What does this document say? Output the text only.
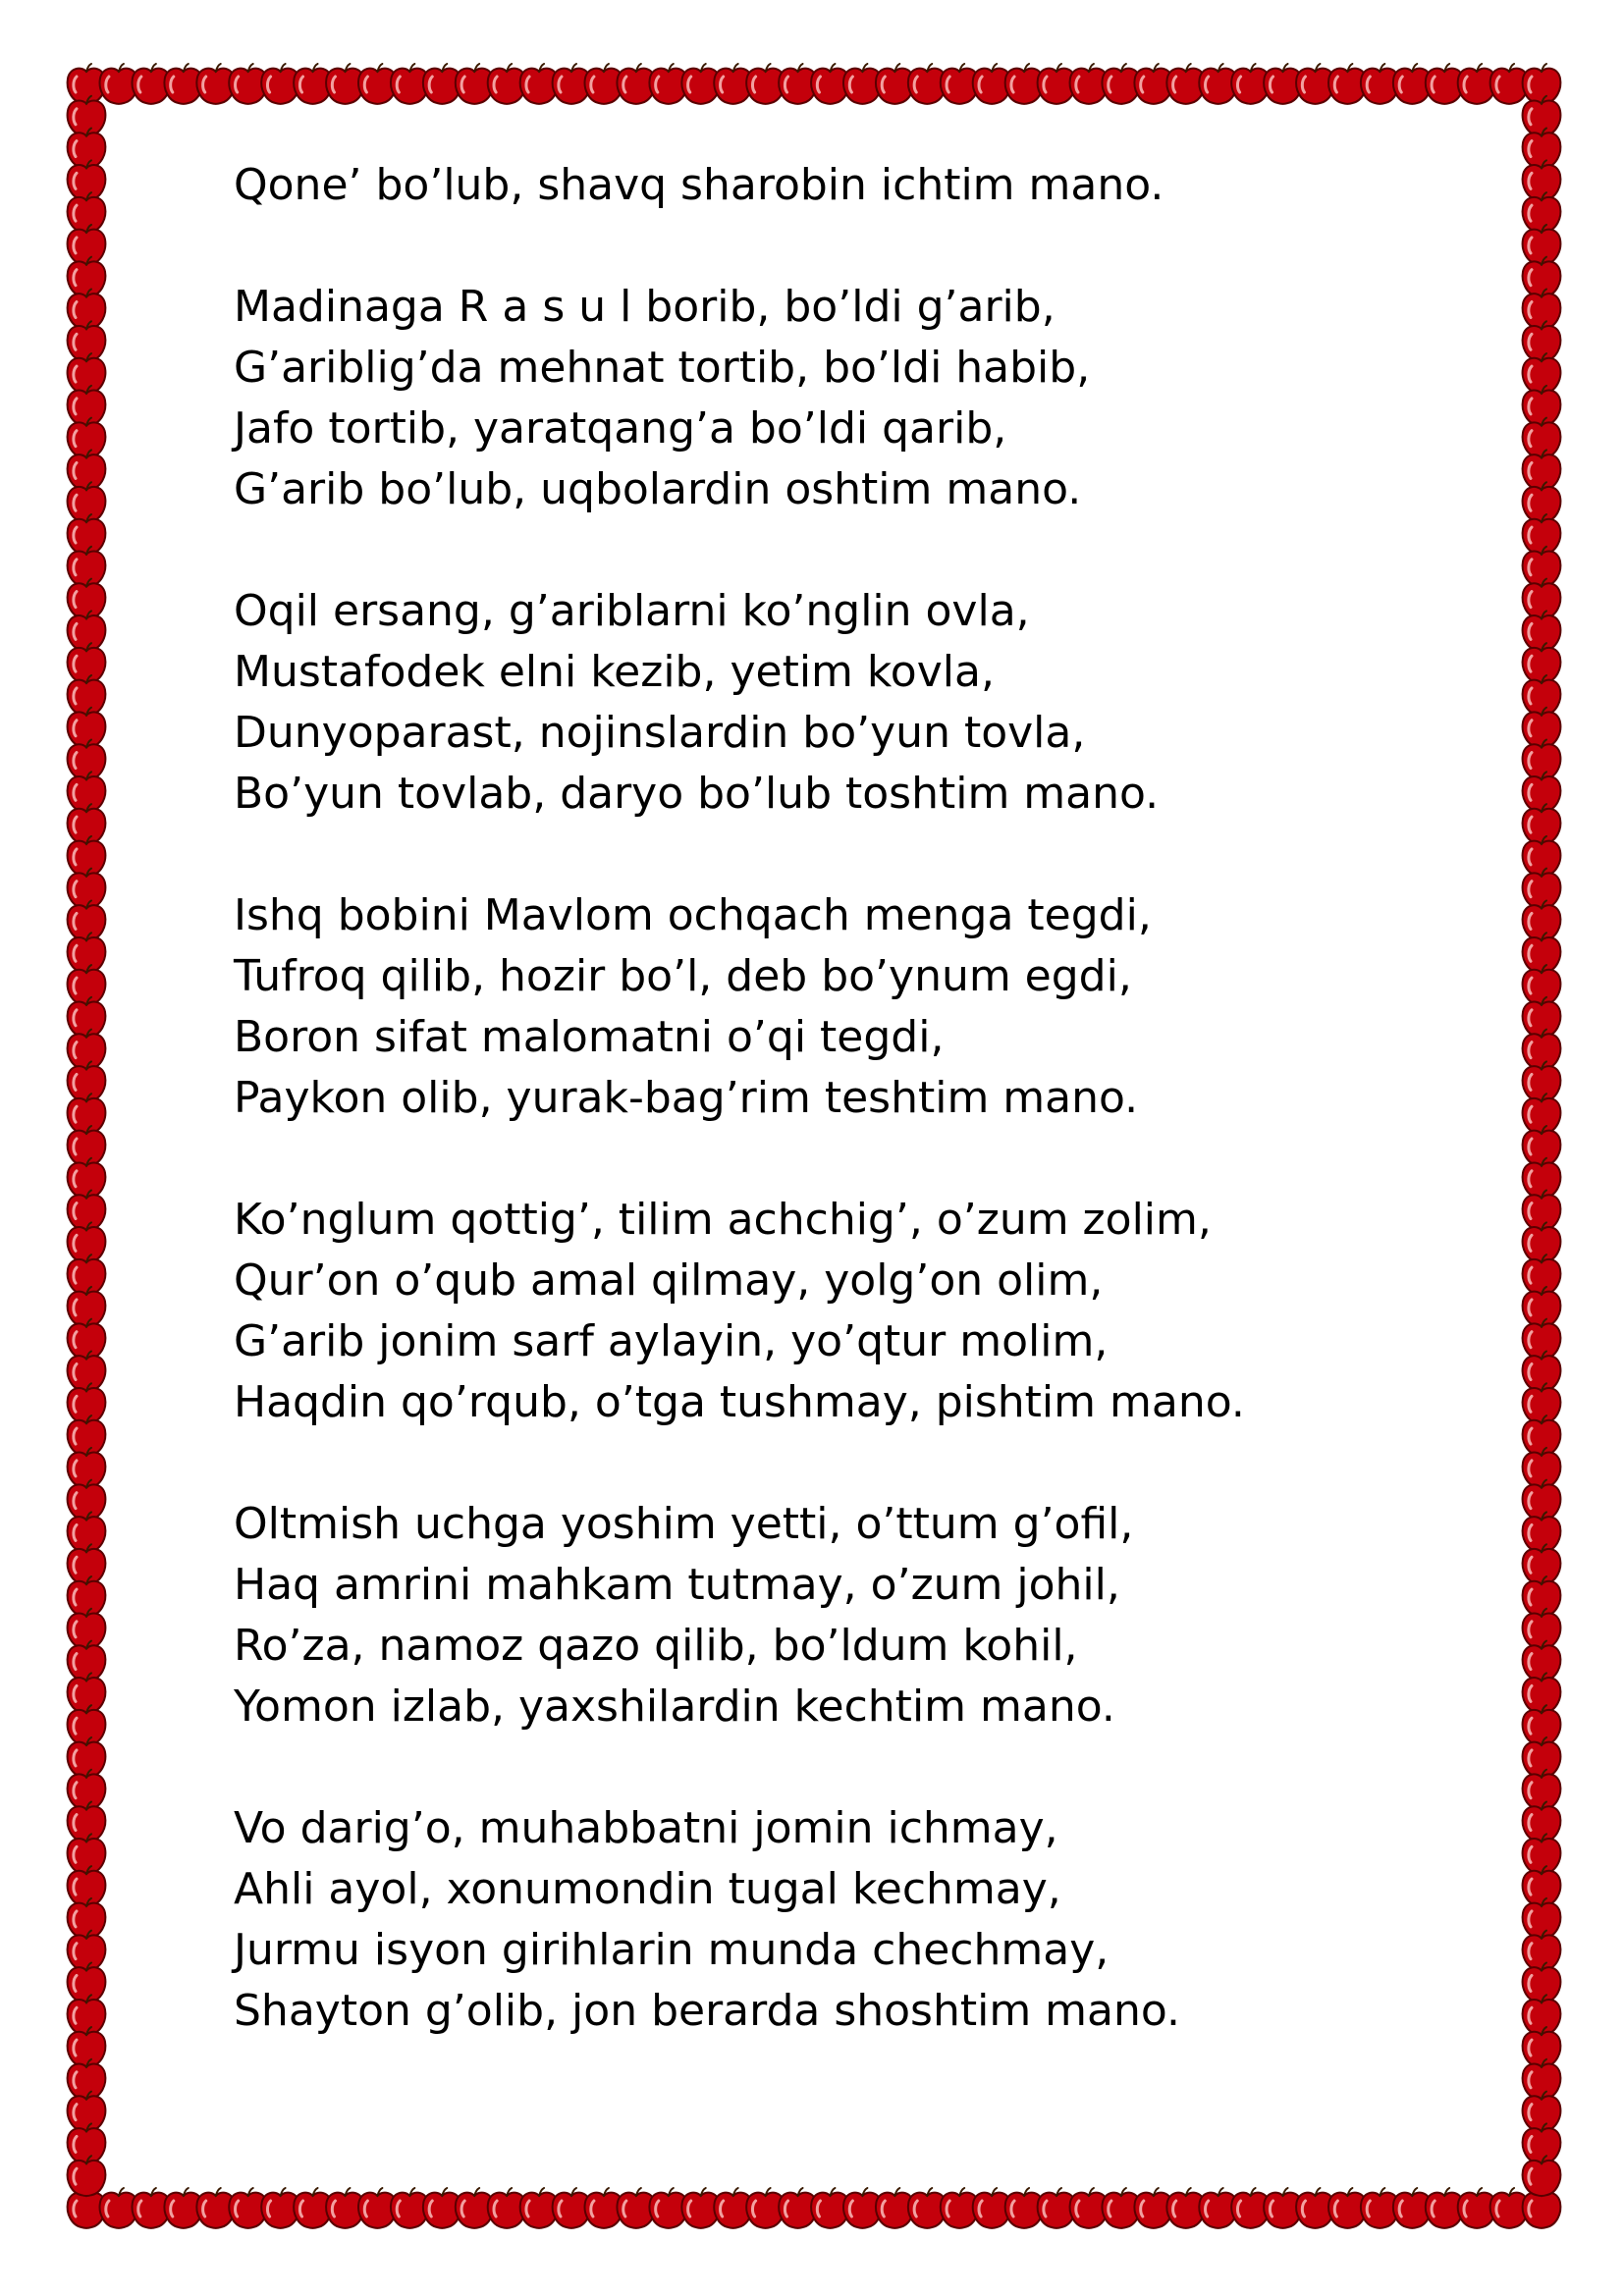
Qone’ bo’lub, shavq sharobin ichtim mano.
Madinaga R a s u l borib, bo’ldi g’arib,
G’ariblig’da mehnat tortib, bo’ldi habib,
Jafo tortib, yaratqang’a bo’ldi qarib,
G’arib bo’lub, uqbolardin oshtim mano.
Oqil ersang, g’ariblarni ko’nglin ovla,
Mustafodek elni kezib, yetim kovla,
Dunyoparast, nojinslardin bo’yun tovla,
Bo’yun tovlab, daryo bo’lub toshtim mano.
Ishq bobini Mavlom ochqach menga tegdi,
Tufroq qilib, hozir bo’l, deb bo’ynum egdi,
Boron sifat malomatni o’qi tegdi,
Paykon olib, yurak-bag’rim teshtim mano.
Ko’nglum qottig’, tilim achchig’, o’zum zolim,
Qur’on o’qub amal qilmay, yolg’on olim,
G’arib jonim sarf aylayin, yo’qtur molim,
Haqdin qo’rqub, o’tga tushmay, pishtim mano.
Oltmish uchga yoshim yetti, o’ttum g’ofil,
Haq amrini mahkam tutmay, o’zum johil,
Ro’za, namoz qazo qilib, bo’ldum kohil,
Yomon izlab, yaxshilardin kechtim mano.
Vo darig’o, muhabbatni jomin ichmay,
Ahli ayol, xonumondin tugal kechmay,
Jurmu isyon girihlarin munda chechmay,
Shayton g’olib, jon berarda shoshtim mano.
